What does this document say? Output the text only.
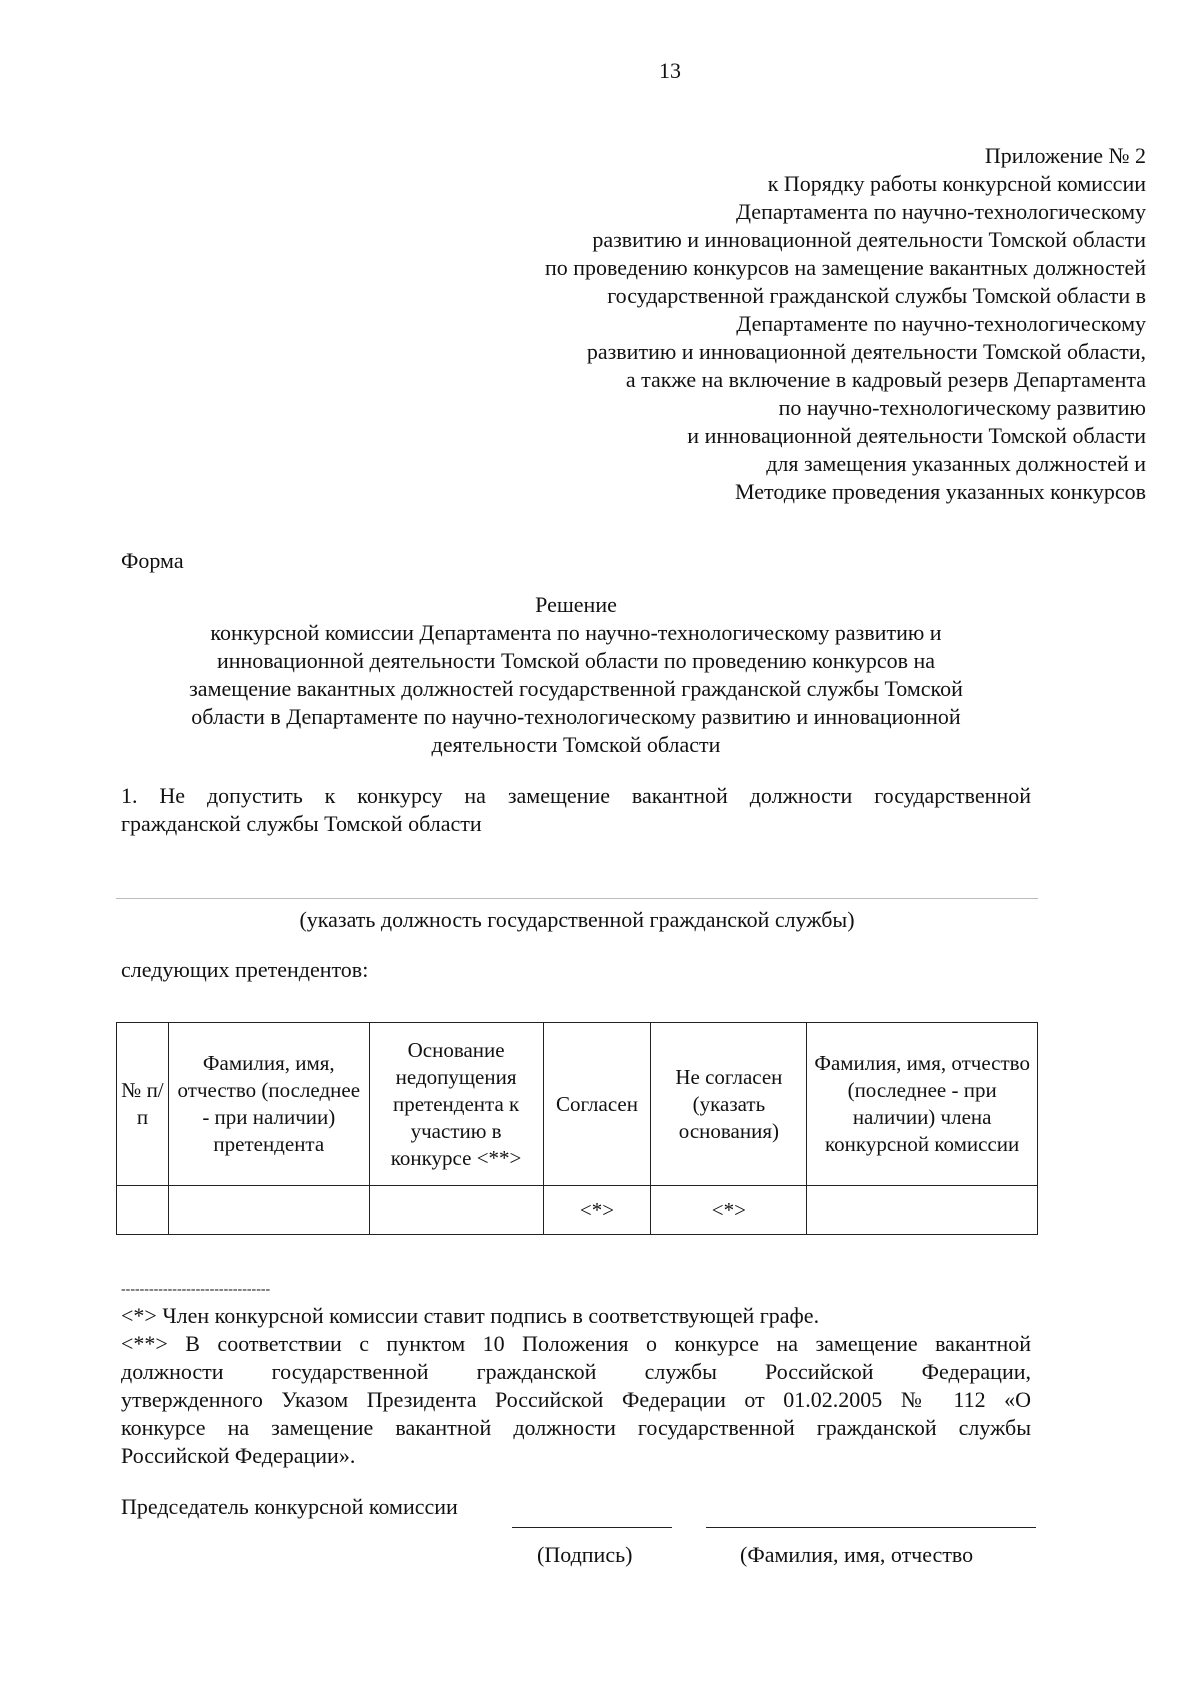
13
Приложение № 2
к Порядку работы конкурсной комиссии
Департамента по научно-технологическому
развитию и инновационной деятельности Томской области
по проведению конкурсов на замещение вакантных должностей
государственной гражданской службы Томской области в
Департаменте по научно-технологическому
развитию и инновационной деятельности Томской области,
а также на включение в кадровый резерв Департамента
по научно-технологическому развитию
и инновационной деятельности Томской области
для замещения указанных должностей и
Методике проведения указанных конкурсов
Форма
Решение
конкурсной комиссии Департамента по научно-технологическому развитию и
инновационной деятельности Томской области по проведению конкурсов на
замещение вакантных должностей государственной гражданской службы Томской
области в Департаменте по научно-технологическому развитию и инновационной
деятельности Томской области
1. Не допустить к конкурсу на замещение вакантной должности государственной
гражданской службы Томской области
(указать должность государственной гражданской службы)
следующих претендентов:
№ п/п	Фамилия, имя, отчество (последнее - при наличии) претендента	Основание недопущения претендента к участию в конкурсе <**>	Согласен	Не согласен (указать основания)	Фамилия, имя, отчество (последнее - при наличии) члена конкурсной комиссии
			<*>	<*>	
--------------------------------
<*> Член конкурсной комиссии ставит подпись в соответствующей графе.
<**> В соответствии с пунктом 10 Положения о конкурсе на замещение вакантной
должности государственной гражданской службы Российской Федерации,
утвержденного Указом Президента Российской Федерации от 01.02.2005 № 112 «О
конкурсе на замещение вакантной должности государственной гражданской службы
Российской Федерации».
Председатель конкурсной комиссии
(Подпись)	(Фамилия, имя, отчество
